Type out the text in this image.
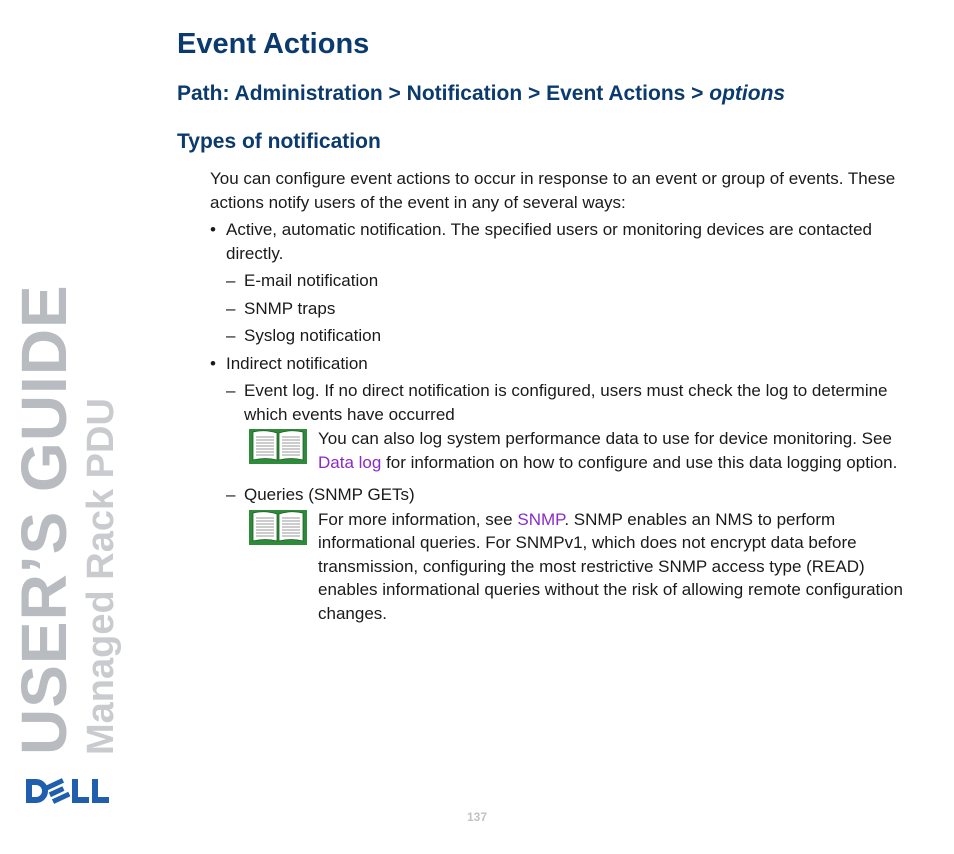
USER’S GUIDE Managed Rack PDU
Event Actions
Path: Administration > Notification > Event Actions > options
Types of notification

You can configure event actions to occur in response to an event or group of events. These actions notify users of the event in any of several ways:

• Active, automatic notification. The specified users or monitoring devices are contacted directly.
– E-mail notification
– SNMP traps
– Syslog notification
• Indirect notification
– Event log. If no direct notification is configured, users must check the log to determine which events have occurred
You can also log system performance data to use for device monitoring. See Data log for information on how to configure and use this data logging option.
– Queries (SNMP GETs)
For more information, see SNMP. SNMP enables an NMS to perform informational queries. For SNMPv1, which does not encrypt data before transmission, configuring the most restrictive SNMP access type (READ) enables informational queries without the risk of allowing remote configuration changes.
137
